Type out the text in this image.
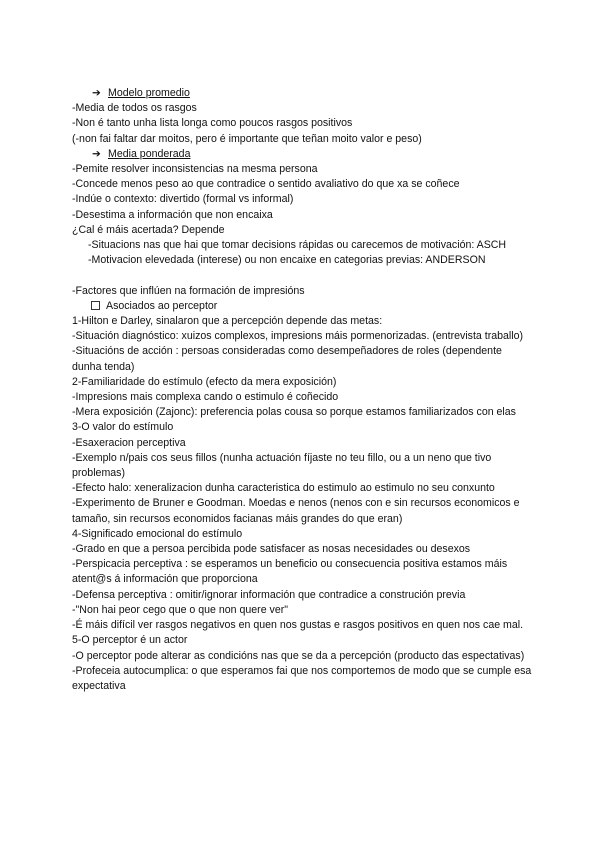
➔ Modelo promedio
-Media de todos os rasgos
-Non é tanto unha lista longa como poucos rasgos positivos
(-non fai faltar dar moitos, pero é importante que teñan moito valor e peso)
➔ Media ponderada
-Pemite resolver inconsistencias na mesma persona
-Concede menos peso ao que contradice o sentido avaliativo do que xa se coñece
-Indúe o contexto: divertido (formal vs informal)
-Desestima a información que non encaixa
¿Cal é máis acertada? Depende
-Situacions nas que hai que tomar decisions rápidas ou carecemos de motivación: ASCH
-Motivacion elevedada (interese) ou non encaixe en categorias previas: ANDERSON
-Factores que inflúen na formación de impresións
Asociados ao perceptor
1-Hilton e Darley, sinalaron que a percepción depende das metas:
-Situación diagnóstico: xuizos complexos, impresions máis pormenorizadas. (entrevista traballo)
-Situacións de acción : persoas consideradas como desempeñadores de roles (dependente dunha tenda)
2-Familiaridade do estímulo (efecto da mera exposición)
-Impresions mais complexa cando o estimulo é coñecido
-Mera exposición (Zajonc): preferencia polas cousa so porque estamos familiarizados con elas
3-O valor do estímulo
-Esaxeracion perceptiva
-Exemplo n/pais cos seus fillos (nunha actuación fíjaste no teu fillo, ou a un neno que tivo problemas)
-Efecto halo: xeneralizacion dunha caracteristica do estimulo ao estimulo no seu conxunto
-Experimento de Bruner e Goodman. Moedas e nenos (nenos con e sin recursos economicos e tamaño, sin recursos economidos facianas máis grandes do que eran)
4-Significado emocional do estímulo
-Grado en que a persoa percibida pode satisfacer as nosas necesidades ou desexos
-Perspicacia perceptiva : se esperamos un beneficio ou consecuencia positiva estamos máis atent@s á información que proporciona
-Defensa perceptiva : omitir/ignorar información que contradice a construción previa
-"Non hai peor cego que o que non quere ver"
-É máis difícil ver rasgos negativos en quen nos gustas e rasgos positivos en quen nos cae mal.
5-O perceptor é un actor
-O perceptor pode alterar as condicións nas que se da a percepción (producto das espectativas)
-Profeceia autocumplica: o que esperamos fai que nos comportemos de modo que se cumple esa expectativa
